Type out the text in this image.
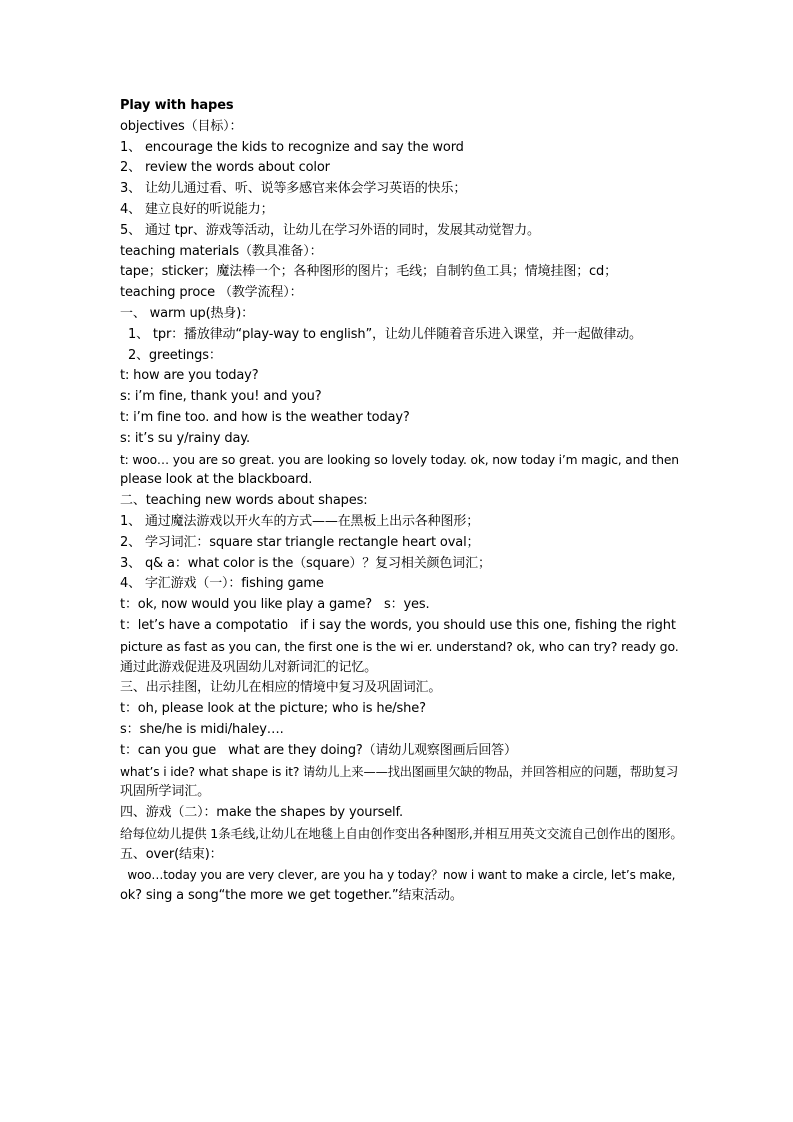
Play with hapes
objectives（目标）：
1、 encourage the kids to recognize and say the word
2、 review the words about color
3、 让幼儿通过看、听、说等多感官来体会学习英语的快乐；
4、 建立良好的听说能力；
5、 通过 tpr、游戏等活动，让幼儿在学习外语的同时，发展其动觉智力。
teaching materials（教具准备）：
tape；sticker；魔法棒一个；各种图形的图片；毛线；自制钓鱼工具；情境挂图；cd；
teaching proce （教学流程）：
一、 warm up(热身)：
1、 tpr：播放律动“play-way to english”，让幼儿伴随着音乐进入课堂，并一起做律动。
2、greetings：
t: how are you today?
s: i’m fine, thank you! and you?
t: i’m fine too. and how is the weather today?
s: it’s su y/rainy day.
t: woo… you are so great. you are looking so lovely today. ok, now today i’m magic, and then
please look at the blackboard.
二、teaching new words about shapes:
1、 通过魔法游戏以开火车的方式——在黑板上出示各种图形；
2、 学习词汇：square star triangle rectangle heart oval；
3、 q& a：what color is the（square）？复习相关颜色词汇；
4、 字汇游戏（一）：fishing game
t：ok, now would you like play a game?   s：yes.
t：let’s have a compotatio   if i say the words, you should use this one, fishing the right
picture as fast as you can, the first one is the wi er. understand? ok, who can try? ready go.
通过此游戏促进及巩固幼儿对新词汇的记忆。
三、出示挂图，让幼儿在相应的情境中复习及巩固词汇。
t：oh, please look at the picture; who is he/she?
s：she/he is midi/haley….
t：can you gue   what are they doing?（请幼儿观察图画后回答）
what’s i ide? what shape is it? 请幼儿上来——找出图画里欠缺的物品，并回答相应的问题，帮助复习
巩固所学词汇。
四、游戏（二）：make the shapes by yourself.
给每位幼儿提供 1条毛线,让幼儿在地毯上自由创作变出各种图形,并相互用英文交流自己创作出的图形。
五、over(结束)：
woo…today you are very clever, are you ha y today？now i want to make a circle, let’s make,
ok? sing a song“the more we get together.”结束活动。
